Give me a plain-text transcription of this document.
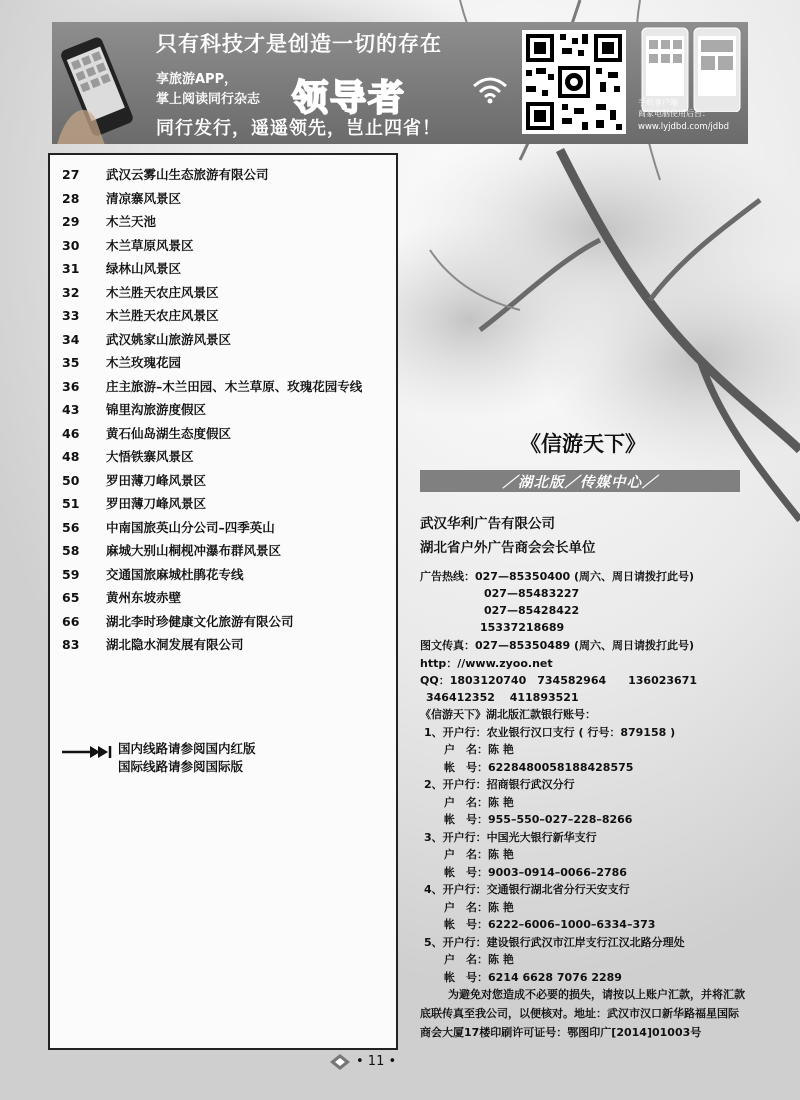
只有科技才是创造一切的存在
享旅游APP，
掌上阅读同行杂志 领导者
同行发行，遥遥领先，岂止四省！
手机客户端
商家电脑使用后台：
www.lyjdbd.com/jdbd
27 武汉云雾山生态旅游有限公司
28 清凉寨风景区
29 木兰天池
30 木兰草原风景区
31 绿林山风景区
32 木兰胜天农庄风景区
33 木兰胜天农庄风景区
34 武汉姚家山旅游风景区
35 木兰玫瑰花园
36 庄主旅游–木兰田园、木兰草原、玫瑰花园专线
43 锦里沟旅游度假区
46 黄石仙岛湖生态度假区
48 大悟铁寨风景区
50 罗田薄刀峰风景区
51 罗田薄刀峰风景区
56 中南国旅英山分公司–四季英山
58 麻城大别山桐枧冲瀑布群风景区
59 交通国旅麻城杜鹃花专线
65 黄州东坡赤壁
66 湖北李时珍健康文化旅游有限公司
83 湖北隐水洞发展有限公司
国内线路请参阅国内红版
国际线路请参阅国际版
《信游天下》
／湖北版／传媒中心／
武汉华利广告有限公司
湖北省户外广告商会会长单位
广告热线：027—85350400 (周六、周日请拨打此号)
027—85483227
027—85428422
15337218689
图文传真：027—85350489 (周六、周日请拨打此号)
http：//www.zyoo.net
QQ：1803120740　734582964　　136023671
346412352　 411893521
《信游天下》湖北版汇款银行账号：
1、开户行：农业银行汉口支行 ( 行号：879158 )
户　名：陈 艳
帐　号：6228480058188428575
2、开户行：招商银行武汉分行
户　名：陈 艳
帐　号：955–550–027–228–8266
3、开户行：中国光大银行新华支行
户　名：陈 艳
帐　号：9003–0914–0066–2786
4、开户行：交通银行湖北省分行天安支行
户　名：陈 艳
帐　号：6222–6006–1000–6334–373
5、开户行：建设银行武汉市江岸支行江汉北路分理处
户　名：陈 艳
帐　号：6214 6628 7076 2289
为避免对您造成不必要的损失，请按以上账户汇款，并将汇款底联传真至我公司，以便核对。地址：武汉市汉口新华路福星国际商会大厦17楼印刷许可证号：鄂图印广[2014]01003号
• 11 •
